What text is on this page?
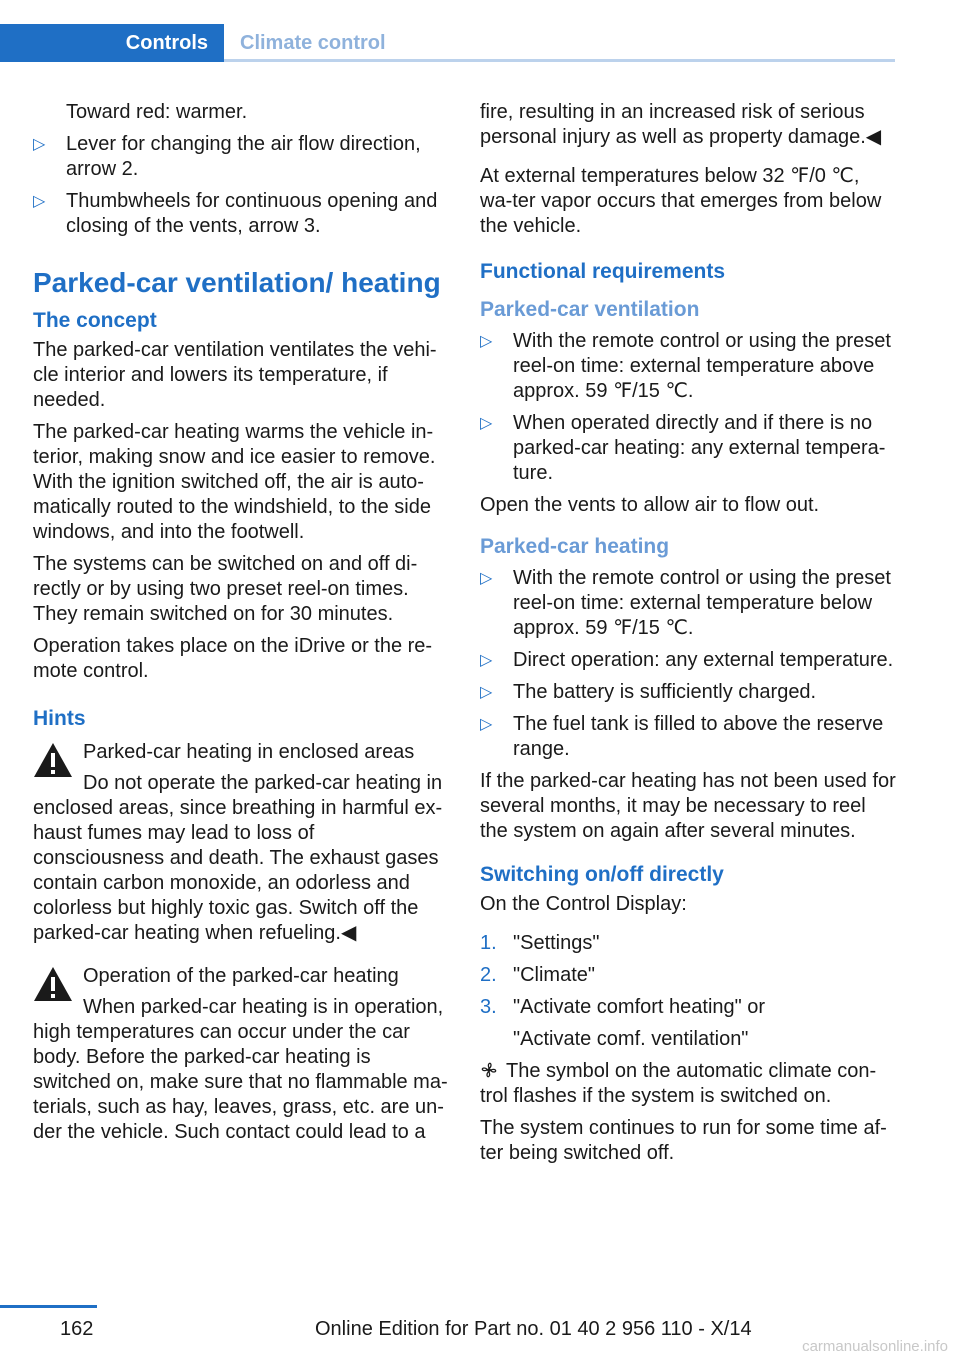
Controls	Climate control
Toward red: warmer.
▷ Lever for changing the air flow direction, arrow 2.
▷ Thumbwheels for continuous opening and closing of the vents, arrow 3.
Parked-car ventilation/ heating
The concept

The parked-car ventilation ventilates the vehi‐cle interior and lowers its temperature, if needed.

The parked-car heating warms the vehicle in‐terior, making snow and ice easier to remove. With the ignition switched off, the air is auto‐matically routed to the windshield, to the side windows, and into the footwell.

The systems can be switched on and off di‐rectly or by using two preset reel-on times. They remain switched on for 30 minutes.

Operation takes place on the iDrive or the re‐mote control.

Hints
Parked-car heating in enclosed areas
Do not operate the parked-car heating in enclosed areas, since breathing in harmful ex‐haust fumes may lead to loss of consciousness and death. The exhaust gases contain carbon monoxide, an odorless and colorless but highly toxic gas. Switch off the parked-car heating when refueling.◀
Operation of the parked-car heating
When parked-car heating is in operation, high temperatures can occur under the car body. Before the parked-car heating is switched on, make sure that no flammable ma‐terials, such as hay, leaves, grass, etc. are un‐der the vehicle. Such contact could lead to a

fire, resulting in an increased risk of serious personal injury as well as property damage.◀

At external temperatures below 32 ℉/0 ℃, wa‐ter vapor occurs that emerges from below the vehicle.

Functional requirements
Parked-car ventilation
▷ With the remote control or using the preset reel-on time: external temperature above approx. 59 ℉/15 ℃.
▷ When operated directly and if there is no parked-car heating: any external tempera‐ture.

Open the vents to allow air to flow out.

Parked-car heating
▷ With the remote control or using the preset reel-on time: external temperature below approx. 59 ℉/15 ℃.
▷ Direct operation: any external temperature.
▷ The battery is sufficiently charged.
▷ The fuel tank is filled to above the reserve range.

If the parked-car heating has not been used for several months, it may be necessary to reel the system on again after several minutes.

Switching on/off directly

On the Control Display:

1. "Settings"
2. "Climate"
3. "Activate comfort heating" or
"Activate comf. ventilation"

The symbol on the automatic climate con‐trol flashes if the system is switched on.

The system continues to run for some time af‐ter being switched off.

162	Online Edition for Part no. 01 40 2 956 110 - X/14
carmanualsonline.info
